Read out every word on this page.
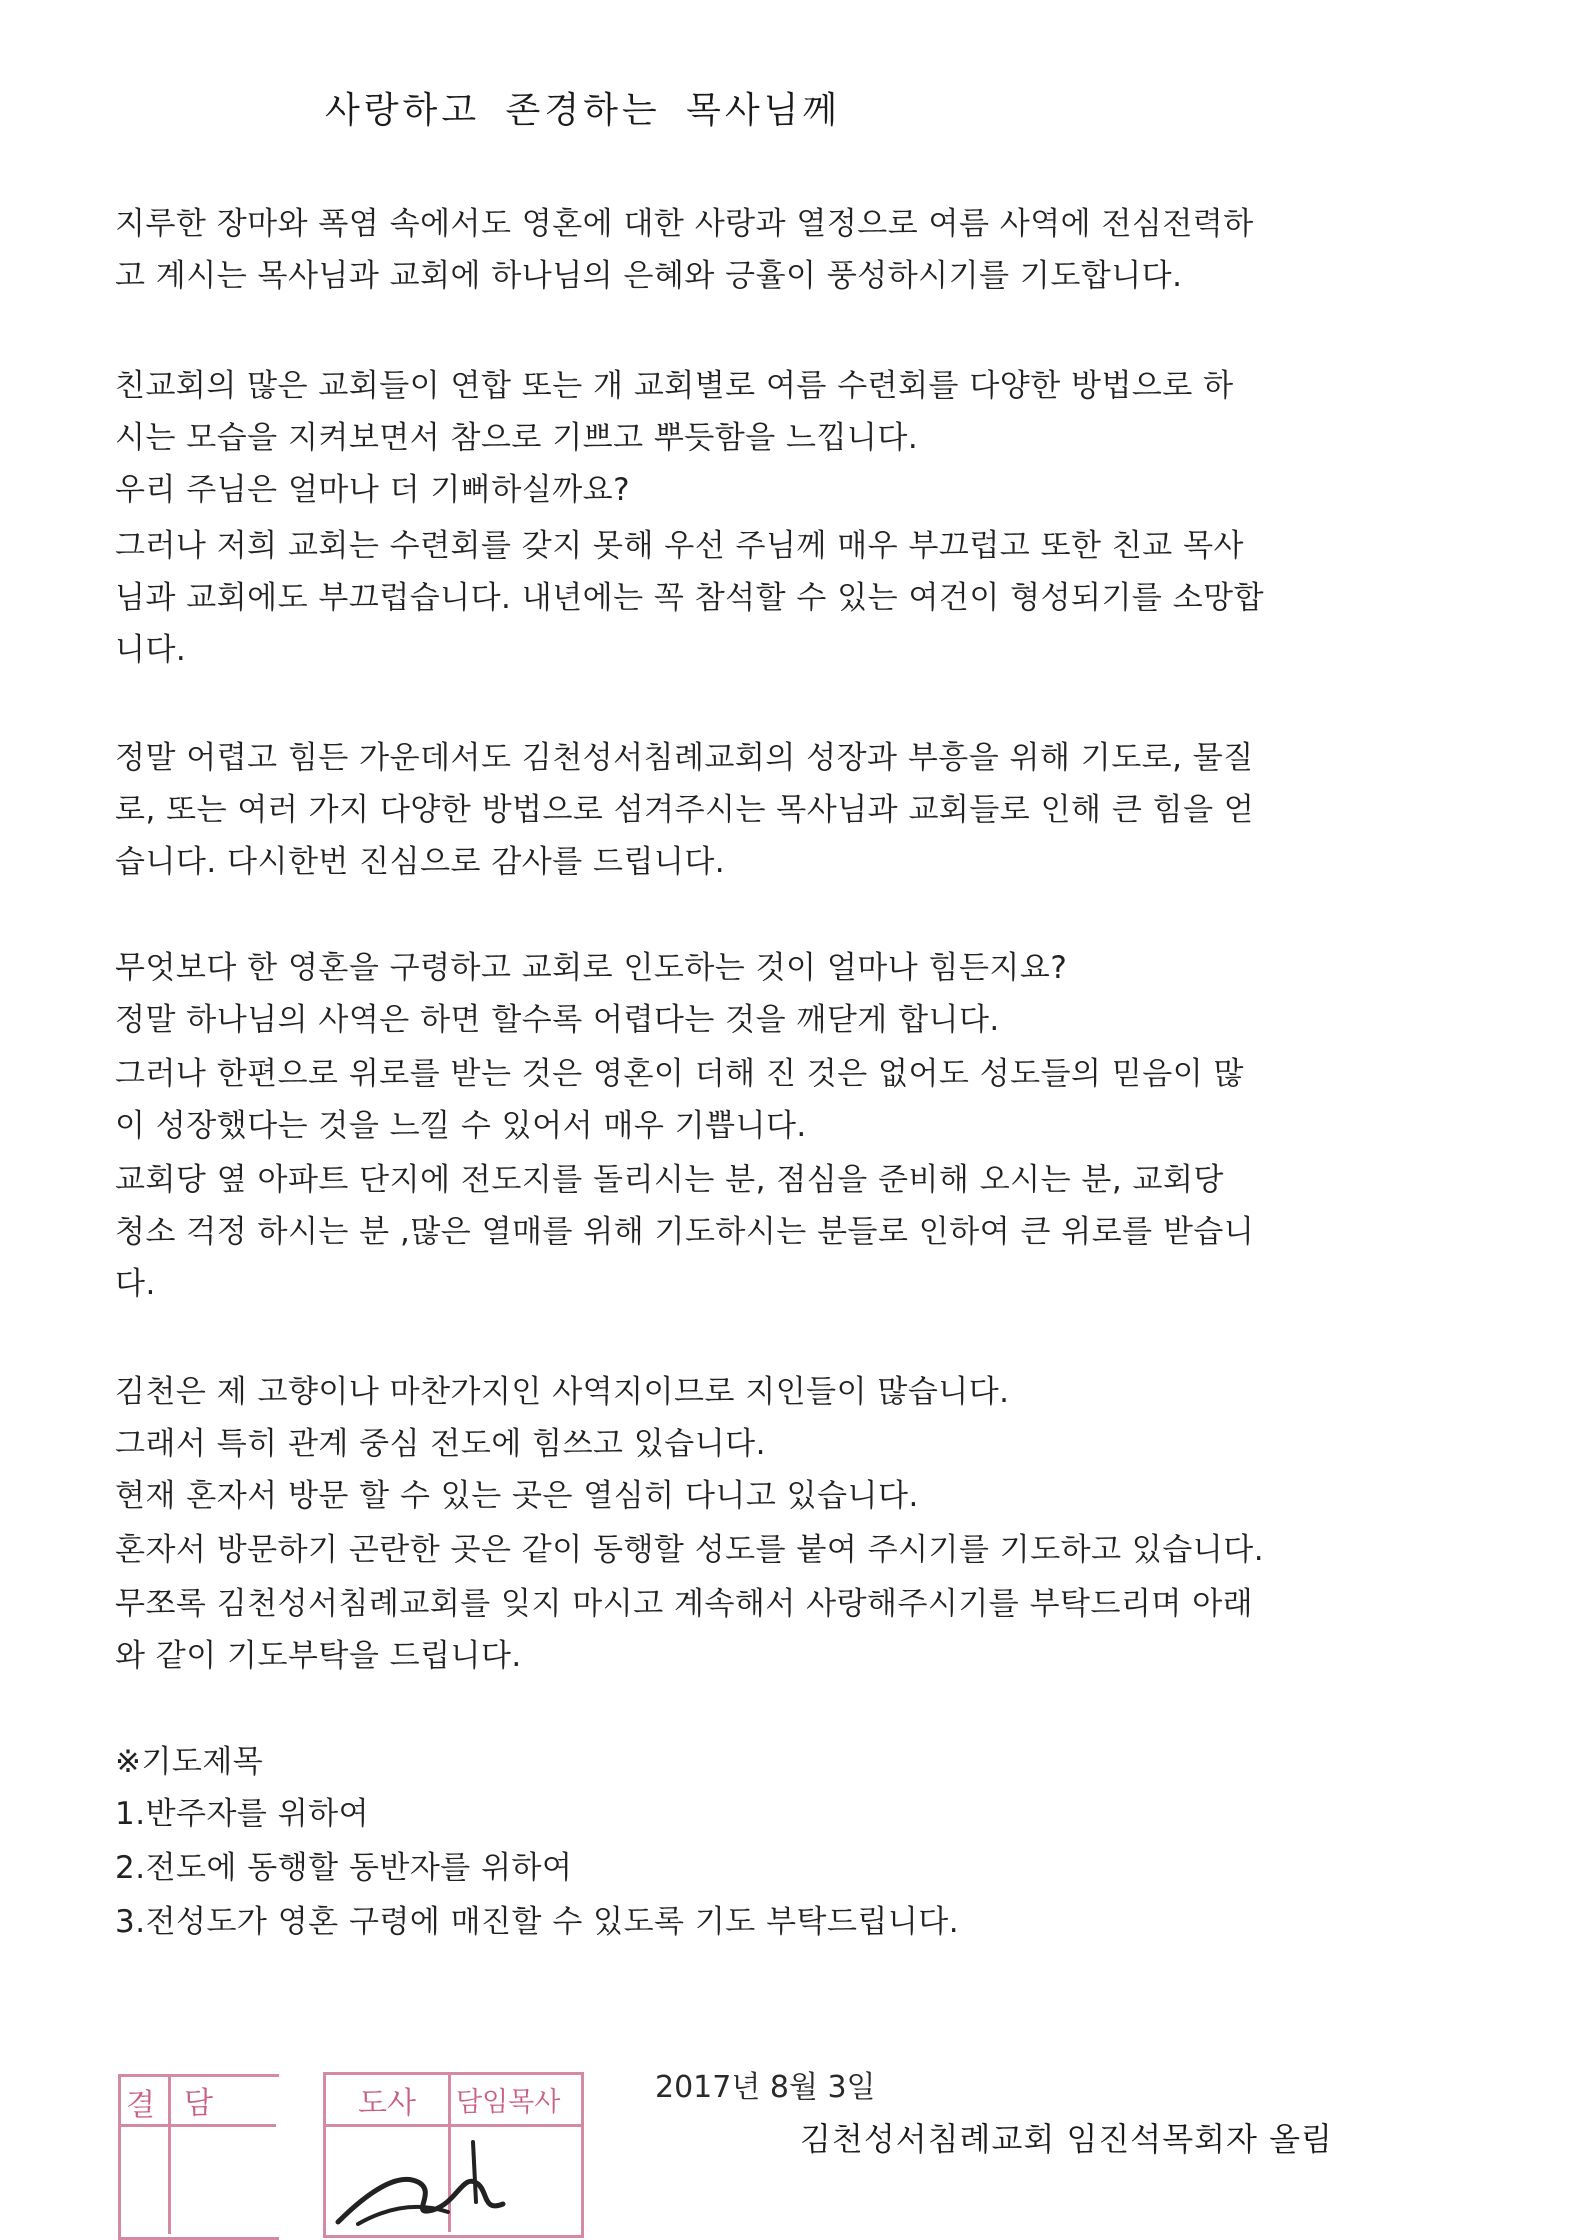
사랑하고 존경하는 목사님께
지루한 장마와 폭염 속에서도 영혼에 대한 사랑과 열정으로 여름 사역에 전심전력하
고 계시는 목사님과 교회에 하나님의 은혜와 긍휼이 풍성하시기를 기도합니다.
친교회의 많은 교회들이 연합 또는 개 교회별로 여름 수련회를 다양한 방법으로 하
시는 모습을 지켜보면서 참으로 기쁘고 뿌듯함을 느낍니다.
우리 주님은 얼마나 더 기뻐하실까요?
그러나 저희 교회는 수련회를 갖지 못해 우선 주님께 매우 부끄럽고 또한 친교 목사
님과 교회에도 부끄럽습니다. 내년에는 꼭 참석할 수 있는 여건이 형성되기를 소망합
니다.
정말 어렵고 힘든 가운데서도 김천성서침례교회의 성장과 부흥을 위해 기도로, 물질
로, 또는 여러 가지 다양한 방법으로 섬겨주시는 목사님과 교회들로 인해 큰 힘을 얻
습니다. 다시한번 진심으로 감사를 드립니다.
무엇보다 한 영혼을 구령하고 교회로 인도하는 것이 얼마나 힘든지요?
정말 하나님의 사역은 하면 할수록 어렵다는 것을 깨닫게 합니다.
그러나 한편으로 위로를 받는 것은 영혼이 더해 진 것은 없어도 성도들의 믿음이 많
이 성장했다는 것을 느낄 수 있어서 매우 기쁩니다.
교회당 옆 아파트 단지에 전도지를 돌리시는 분, 점심을 준비해 오시는 분, 교회당
청소 걱정 하시는 분 ,많은 열매를 위해 기도하시는 분들로 인하여 큰 위로를 받습니
다.
김천은 제 고향이나 마찬가지인 사역지이므로 지인들이 많습니다.
그래서 특히 관계 중심 전도에 힘쓰고 있습니다.
현재 혼자서 방문 할 수 있는 곳은 열심히 다니고 있습니다.
혼자서 방문하기 곤란한 곳은 같이 동행할 성도를 붙여 주시기를 기도하고 있습니다.
무쪼록 김천성서침례교회를 잊지 마시고 계속해서 사랑해주시기를 부탁드리며 아래
와 같이 기도부탁을 드립니다.
※기도제목
1.반주자를 위하여
2.전도에 동행할 동반자를 위하여
3.전성도가 영혼 구령에 매진할 수 있도록 기도 부탁드립니다.
2017년 8월 3일
김천성서침례교회 임진석목회자 올림
결 담	도사 담임목사
